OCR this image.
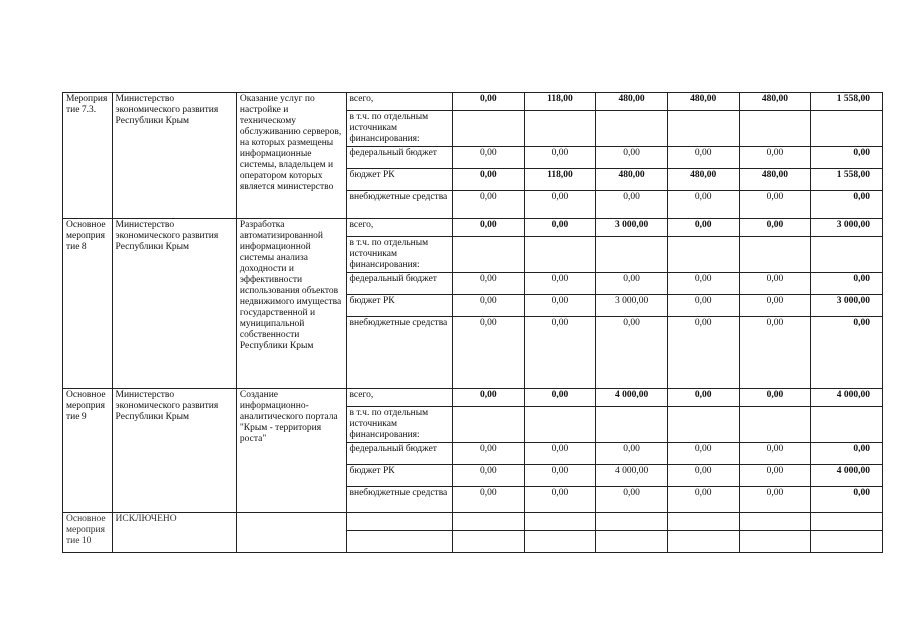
Мероприятие 7.3.	Министерство экономического развития Республики Крым	Оказание услуг по настройке и техническому обслуживанию серверов, на которых размещены информационные системы, владельцем и оператором которых является министерство	всего,	0,00	118,00	480,00	480,00	480,00	1 558,00
			в т.ч. по отдельным источникам финансирования:						
			федеральный бюджет	0,00	0,00	0,00	0,00	0,00	0,00
			бюджет РК	0,00	118,00	480,00	480,00	480,00	1 558,00
			внебюджетные средства	0,00	0,00	0,00	0,00	0,00	0,00
Основное мероприятие 8	Министерство экономического развития Республики Крым	Разработка автоматизированной информационной системы анализа доходности и эффективности использования объектов недвижимого имущества государственной и муниципальной собственности Республики Крым	всего,	0,00	0,00	3 000,00	0,00	0,00	3 000,00
			в т.ч. по отдельным источникам финансирования:						
			федеральный бюджет	0,00	0,00	0,00	0,00	0,00	0,00
			бюджет РК	0,00	0,00	3 000,00	0,00	0,00	3 000,00
			внебюджетные средства	0,00	0,00	0,00	0,00	0,00	0,00
Основное мероприятие 9	Министерство экономического развития Республики Крым	Создание информационно-аналитического портала "Крым - территория роста"	всего,	0,00	0,00	4 000,00	0,00	0,00	4 000,00
			в т.ч. по отдельным источникам финансирования:						
			федеральный бюджет	0,00	0,00	0,00	0,00	0,00	0,00
			бюджет РК	0,00	0,00	4 000,00	0,00	0,00	4 000,00
			внебюджетные средства	0,00	0,00	0,00	0,00	0,00	0,00
Основное мероприятие 10	ИСКЛЮЧЕНО								
